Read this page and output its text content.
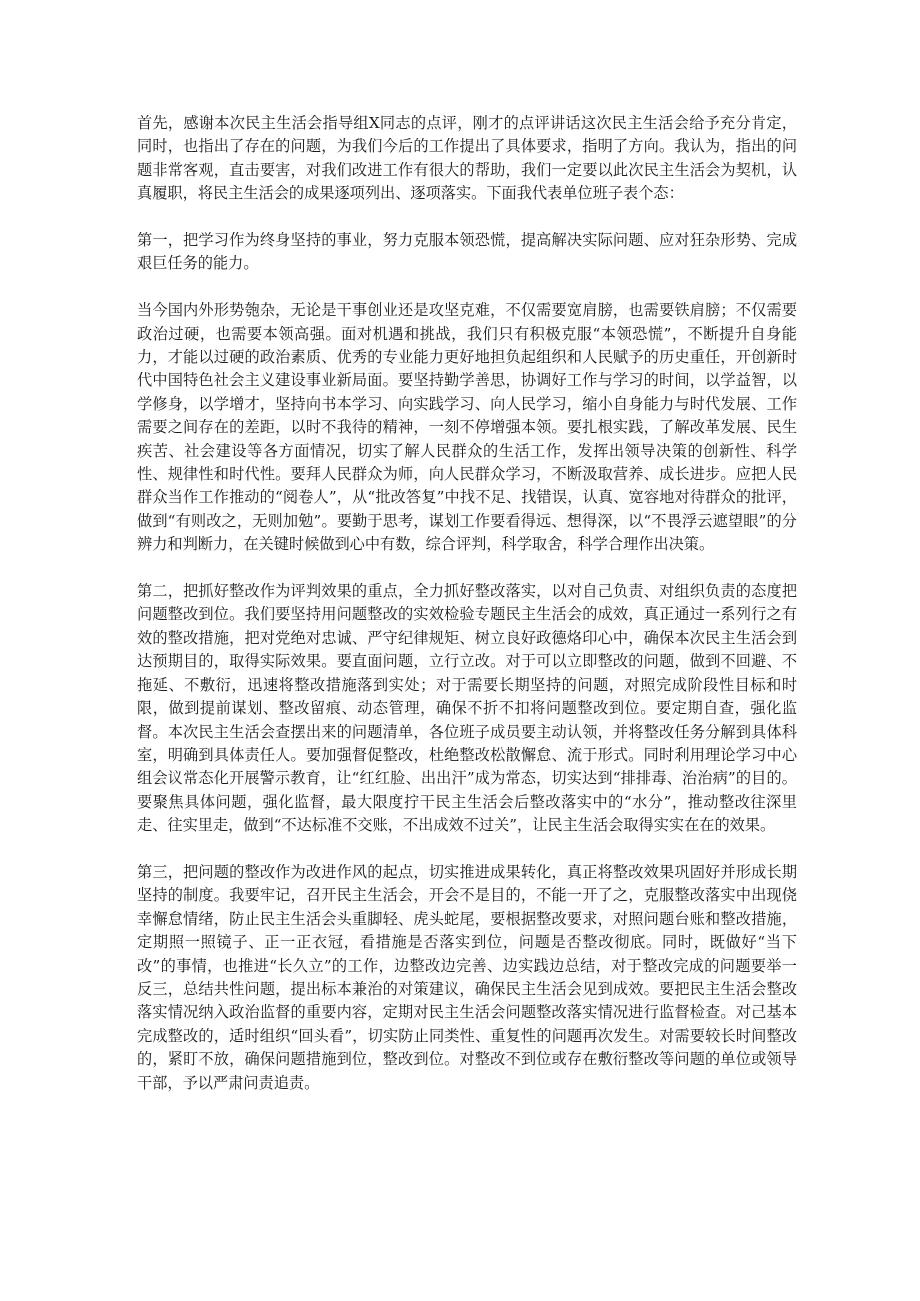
首先，感谢本次民主生活会指导组X同志的点评，刚才的点评讲话这次民主生活会给予充分肯定，同时，也指出了存在的问题，为我们今后的工作提出了具体要求，指明了方向。我认为，指出的问题非常客观，直击要害，对我们改进工作有很大的帮助，我们一定要以此次民主生活会为契机，认真履职，将民主生活会的成果逐项列出、逐项落实。下面我代表单位班子表个态：

第一，把学习作为终身坚持的事业，努力克服本领恐慌，提高解决实际问题、应对狂杂形势、完成艰巨任务的能力。

当今国内外形势匏杂，无论是干事创业还是攻坚克难，不仅需要宽肩膀，也需要铁肩膀；不仅需要政治过硬，也需要本领高强。面对机遇和挑战，我们只有积极克服“本领恐慌”，不断提升自身能力，才能以过硬的政治素质、优秀的专业能力更好地担负起组织和人民赋予的历史重任，开创新时代中国特色社会主义建设事业新局面。要坚持勤学善思，协调好工作与学习的时间，以学益智，以学修身，以学增才，坚持向书本学习、向实践学习、向人民学习，缩小自身能力与时代发展、工作需要之间存在的差距，以时不我待的精神，一刻不停增强本领。要扎根实践，了解改革发展、民生疾苦、社会建设等各方面情况，切实了解人民群众的生活工作，发挥出领导决策的创新性、科学性、规律性和时代性。要拜人民群众为师，向人民群众学习，不断汲取营养、成长进步。应把人民群众当作工作推动的“阅卷人”，从“批改答复”中找不足、找错误，认真、宽容地对待群众的批评，做到“有则改之，无则加勉”。要勤于思考，谋划工作要看得远、想得深，以“不畏浮云遮望眼”的分辨力和判断力，在关键时候做到心中有数，综合评判，科学取舍，科学合理作出决策。

第二，把抓好整改作为评判效果的重点，全力抓好整改落实，以对自己负责、对组织负责的态度把问题整改到位。我们要坚持用问题整改的实效检验专题民主生活会的成效，真正通过一系列行之有效的整改措施，把对党绝对忠诚、严守纪律规矩、树立良好政德烙印心中，确保本次民主生活会到达预期目的，取得实际效果。要直面问题，立行立改。对于可以立即整改的问题，做到不回避、不拖延、不敷衍，迅速将整改措施落到实处；对于需要长期坚持的问题，对照完成阶段性目标和时限，做到提前谋划、整改留痕、动态管理，确保不折不扣将问题整改到位。要定期自查，强化监督。本次民主生活会查摆出来的问题清单，各位班子成员要主动认领，并将整改任务分解到具体科室，明确到具体责任人。要加强督促整改，杜绝整改松散懈怠、流于形式。同时利用理论学习中心组会议常态化开展警示教育，让“红红脸、出出汗”成为常态，切实达到“排排毒、治治病”的目的。要聚焦具体问题，强化监督，最大限度拧干民主生活会后整改落实中的“水分”，推动整改往深里走、往实里走，做到“不达标准不交账，不出成效不过关”，让民主生活会取得实实在在的效果。

第三，把问题的整改作为改进作风的起点，切实推进成果转化，真正将整改效果巩固好并形成长期坚持的制度。我要牢记，召开民主生活会，开会不是目的，不能一开了之，克服整改落实中出现侥幸懈怠情绪，防止民主生活会头重脚轻、虎头蛇尾，要根据整改要求，对照问题台账和整改措施，定期照一照镜子、正一正衣冠，看措施是否落实到位，问题是否整改彻底。同时，既做好“当下改”的事情，也推进“长久立”的工作，边整改边完善、边实践边总结，对于整改完成的问题要举一反三，总结共性问题，提出标本兼治的对策建议，确保民主生活会见到成效。要把民主生活会整改落实情况纳入政治监督的重要内容，定期对民主生活会问题整改落实情况进行监督检查。对己基本完成整改的，适时组织“回头看”，切实防止同类性、重复性的问题再次发生。对需要较长时间整改的，紧盯不放，确保问题措施到位，整改到位。对整改不到位或存在敷衍整改等问题的单位或领导干部，予以严肃问责追责。
